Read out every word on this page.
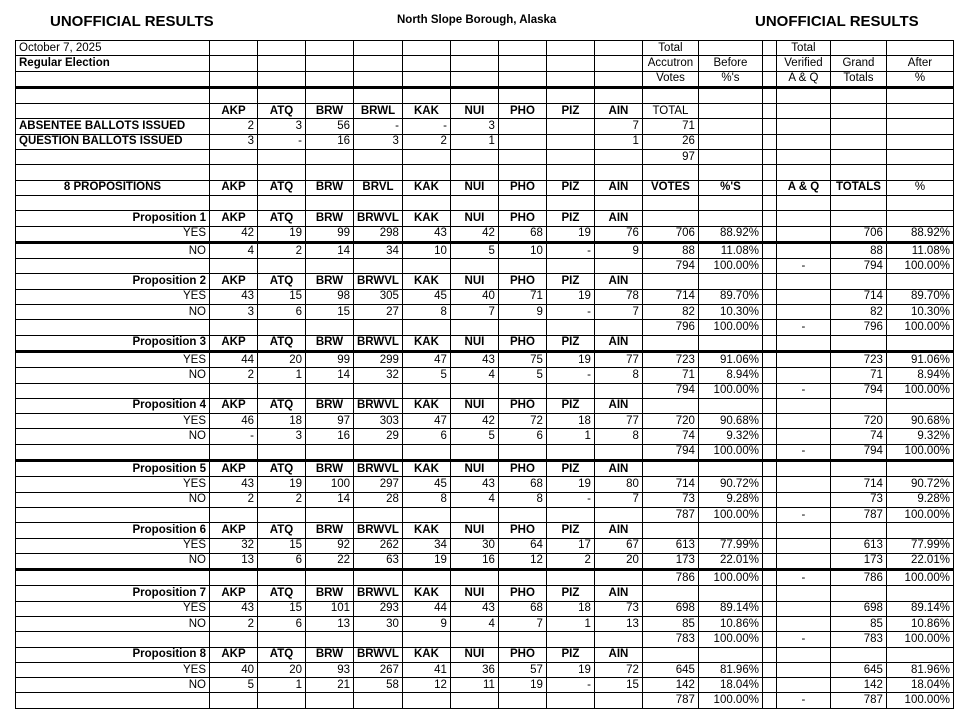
UNOFFICIAL RESULTS	North Slope Borough, Alaska	UNOFFICIAL RESULTS
October 7, 2025										Total			Total		
Regular Election										Accutron	Before		Verified	Grand	After
										Votes	%'s		A & Q	Totals	%

	AKP	ATQ	BRW	BRWL	KAK	NUI	PHO	PIZ	AIN	TOTAL					
ABSENTEE BALLOTS ISSUED	2	3	56	-	-	3			7	71					
QUESTION BALLOTS ISSUED	3	-	16	3	2	1			1	26					
										97					

8 PROPOSITIONS	AKP	ATQ	BRW	BRVL	KAK	NUI	PHO	PIZ	AIN	VOTES	%'S		A & Q	TOTALS	%

Proposition 1	AKP	ATQ	BRW	BRWVL	KAK	NUI	PHO	PIZ	AIN						
YES	42	19	99	298	43	42	68	19	76	706	88.92%			706	88.92%
NO	4	2	14	34	10	5	10	-	9	88	11.08%			88	11.08%
										794	100.00%		-	794	100.00%
Proposition 2	AKP	ATQ	BRW	BRWVL	KAK	NUI	PHO	PIZ	AIN						
YES	43	15	98	305	45	40	71	19	78	714	89.70%			714	89.70%
NO	3	6	15	27	8	7	9	-	7	82	10.30%			82	10.30%
										796	100.00%		-	796	100.00%
Proposition 3	AKP	ATQ	BRW	BRWVL	KAK	NUI	PHO	PIZ	AIN						
YES	44	20	99	299	47	43	75	19	77	723	91.06%			723	91.06%
NO	2	1	14	32	5	4	5	-	8	71	8.94%			71	8.94%
										794	100.00%		-	794	100.00%
Proposition 4	AKP	ATQ	BRW	BRWVL	KAK	NUI	PHO	PIZ	AIN						
YES	46	18	97	303	47	42	72	18	77	720	90.68%			720	90.68%
NO	-	3	16	29	6	5	6	1	8	74	9.32%			74	9.32%
										794	100.00%		-	794	100.00%
Proposition 5	AKP	ATQ	BRW	BRWVL	KAK	NUI	PHO	PIZ	AIN						
YES	43	19	100	297	45	43	68	19	80	714	90.72%			714	90.72%
NO	2	2	14	28	8	4	8	-	7	73	9.28%			73	9.28%
										787	100.00%		-	787	100.00%
Proposition 6	AKP	ATQ	BRW	BRWVL	KAK	NUI	PHO	PIZ	AIN						
YES	32	15	92	262	34	30	64	17	67	613	77.99%			613	77.99%
NO	13	6	22	63	19	16	12	2	20	173	22.01%			173	22.01%
										786	100.00%		-	786	100.00%
Proposition 7	AKP	ATQ	BRW	BRWVL	KAK	NUI	PHO	PIZ	AIN						
YES	43	15	101	293	44	43	68	18	73	698	89.14%			698	89.14%
NO	2	6	13	30	9	4	7	1	13	85	10.86%			85	10.86%
										783	100.00%		-	783	100.00%
Proposition 8	AKP	ATQ	BRW	BRWVL	KAK	NUI	PHO	PIZ	AIN						
YES	40	20	93	267	41	36	57	19	72	645	81.96%			645	81.96%
NO	5	1	21	58	12	11	19	-	15	142	18.04%			142	18.04%
										787	100.00%		-	787	100.00%
